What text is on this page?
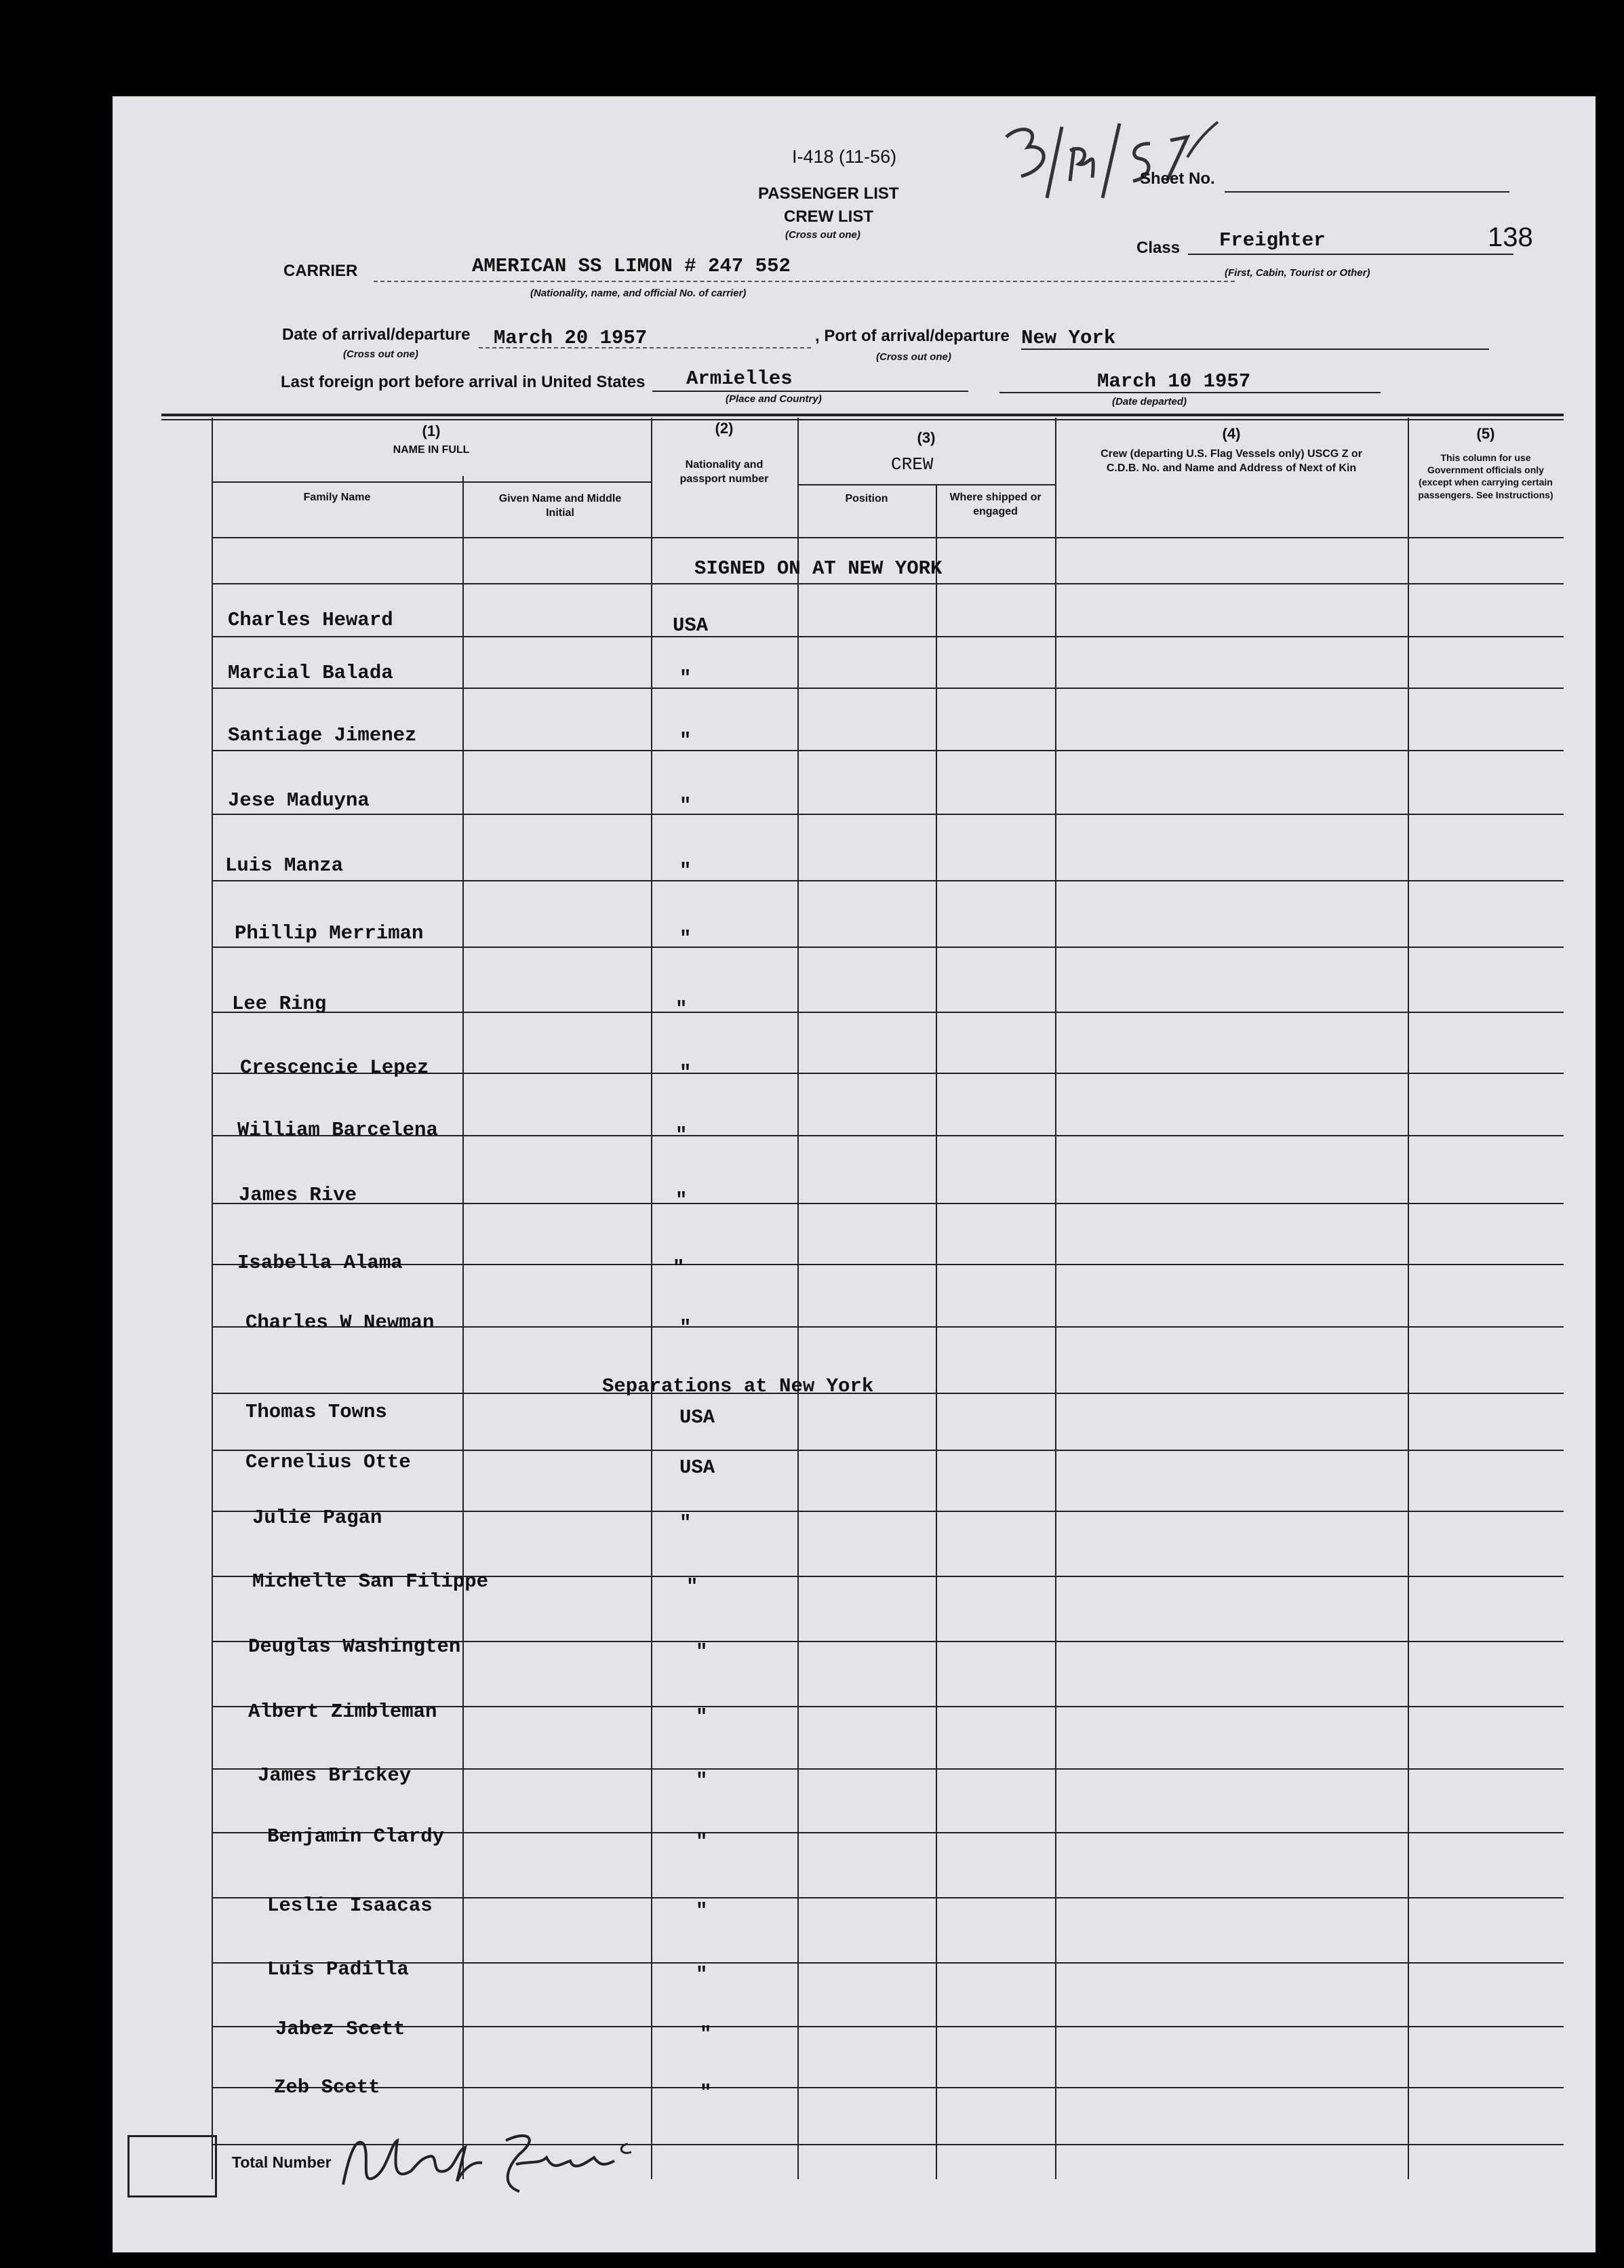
I-418 (11-56)
PASSENGER LIST
CREW LIST
(Cross out one)
Sheet No.
Class Freighter
(First, Cabin, Tourist or Other)
138
CARRIER	AMERICAN SS LIMON # 247 552
(Nationality, name, and official No. of carrier)
Date of arrival/departure March 20 1957
(Cross out one)
, Port of arrival/departure New York
(Cross out one)
Last foreign port before arrival in United States Armielles
(Place and Country)
March 10 1957
(Date departed)
(1)
NAME IN FULL
Family Name	Given Name and Middle Initial
(2)
Nationality and passport number
(3)
CREW
Position	Where shipped or engaged
(4)
Crew (departing U.S. Flag Vessels only) USCG Z or C.D.B. No. and Name and Address of Next of Kin
(5)
This column for use Government officials only (except when carrying certain passengers. See Instructions)
SIGNED ON AT NEW YORK
Separations at New York
Charles Heward	USA
Marcial Balada	"
Santiage Jimenez	"
Jese Maduyna	"
Luis Manza	"
Phillip Merriman	"
Lee Ring	"
Crescencie Lepez	"
William Barcelena	"
James Rive	"
Isabella Alama	"
Charles W Newman	"
Thomas Towns	USA
Cernelius Otte	USA
Julie Pagan	"
Michelle San Filippe	"
Deuglas Washingten	"
Albert Zimbleman	"
James Brickey	"
Benjamin Clardy	"
Leslie Isaacas	"
Luis Padilla	"
Jabez Scett	"
Zeb Scett	"
Total Number
